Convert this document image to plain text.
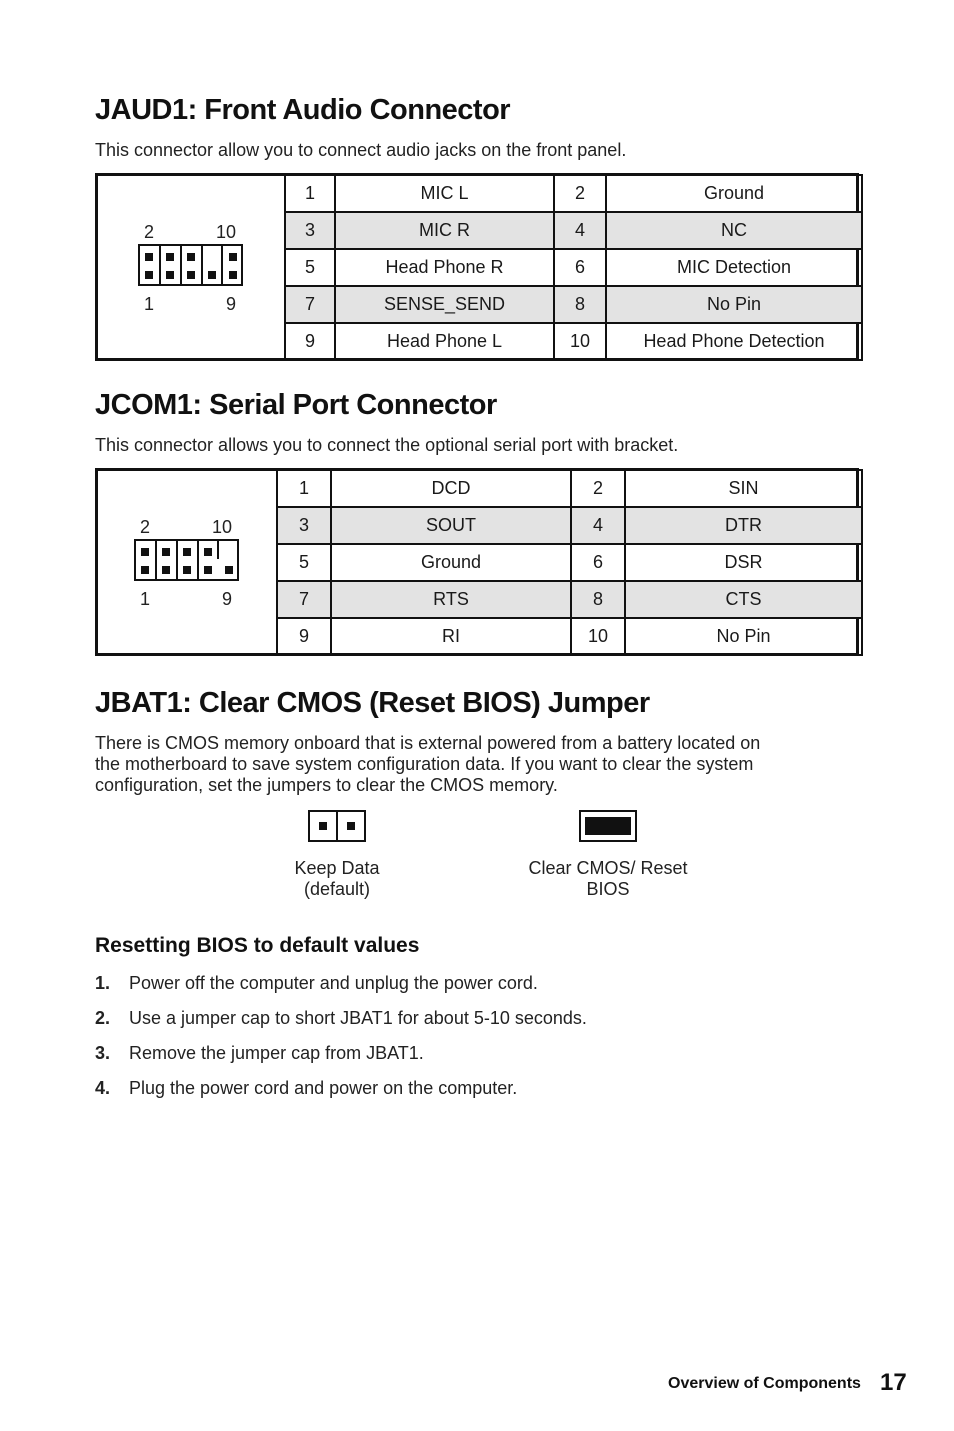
JAUD1: Front Audio Connector
This connector allow you to connect audio jacks on the front panel.
2	10
1	9
1	MIC L	2	Ground
3	MIC R	4	NC
5	Head Phone R	6	MIC Detection
7	SENSE_SEND	8	No Pin
9	Head Phone L	10	Head Phone Detection
JCOM1: Serial Port Connector
This connector allows you to connect the optional serial port with bracket.
2	10
1	9
1	DCD	2	SIN
3	SOUT	4	DTR
5	Ground	6	DSR
7	RTS	8	CTS
9	RI	10	No Pin
JBAT1: Clear CMOS (Reset BIOS) Jumper
There is CMOS memory onboard that is external powered from a battery located on
the motherboard to save system configuration data. If you want to clear the system
configuration, set the jumpers to clear the CMOS memory.
Keep Data
(default)
Clear CMOS/ Reset
BIOS
Resetting BIOS to default values
1. Power off the computer and unplug the power cord.
2. Use a jumper cap to short JBAT1 for about 5-10 seconds.
3. Remove the jumper cap from JBAT1.
4. Plug the power cord and power on the computer.
Overview of Components 17
